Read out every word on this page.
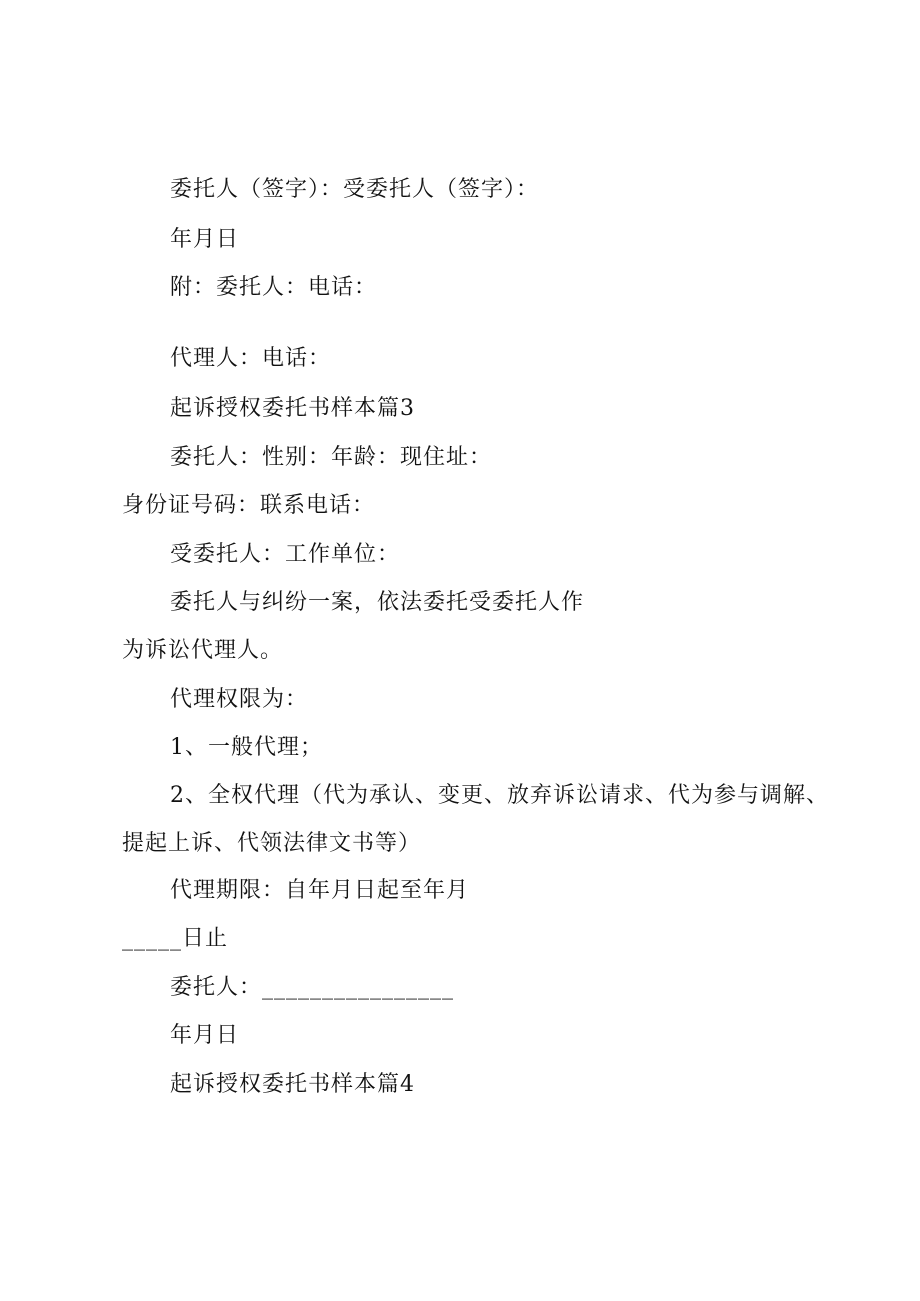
委托人（签字）：受委托人（签字）：
年月日
附：委托人：电话：
代理人：电话：
起诉授权委托书样本篇3
委托人：性别：年龄：现住址：
身份证号码：联系电话：
受委托人：工作单位：
委托人与纠纷一案，依法委托受委托人作
为诉讼代理人。
代理权限为：
1、一般代理；
2、全权代理（代为承认、变更、放弃诉讼请求、代为参与调解、
提起上诉、代领法律文书等）
代理期限：自年月日起至年月
_____日止
委托人：________________
年月日
起诉授权委托书样本篇4
